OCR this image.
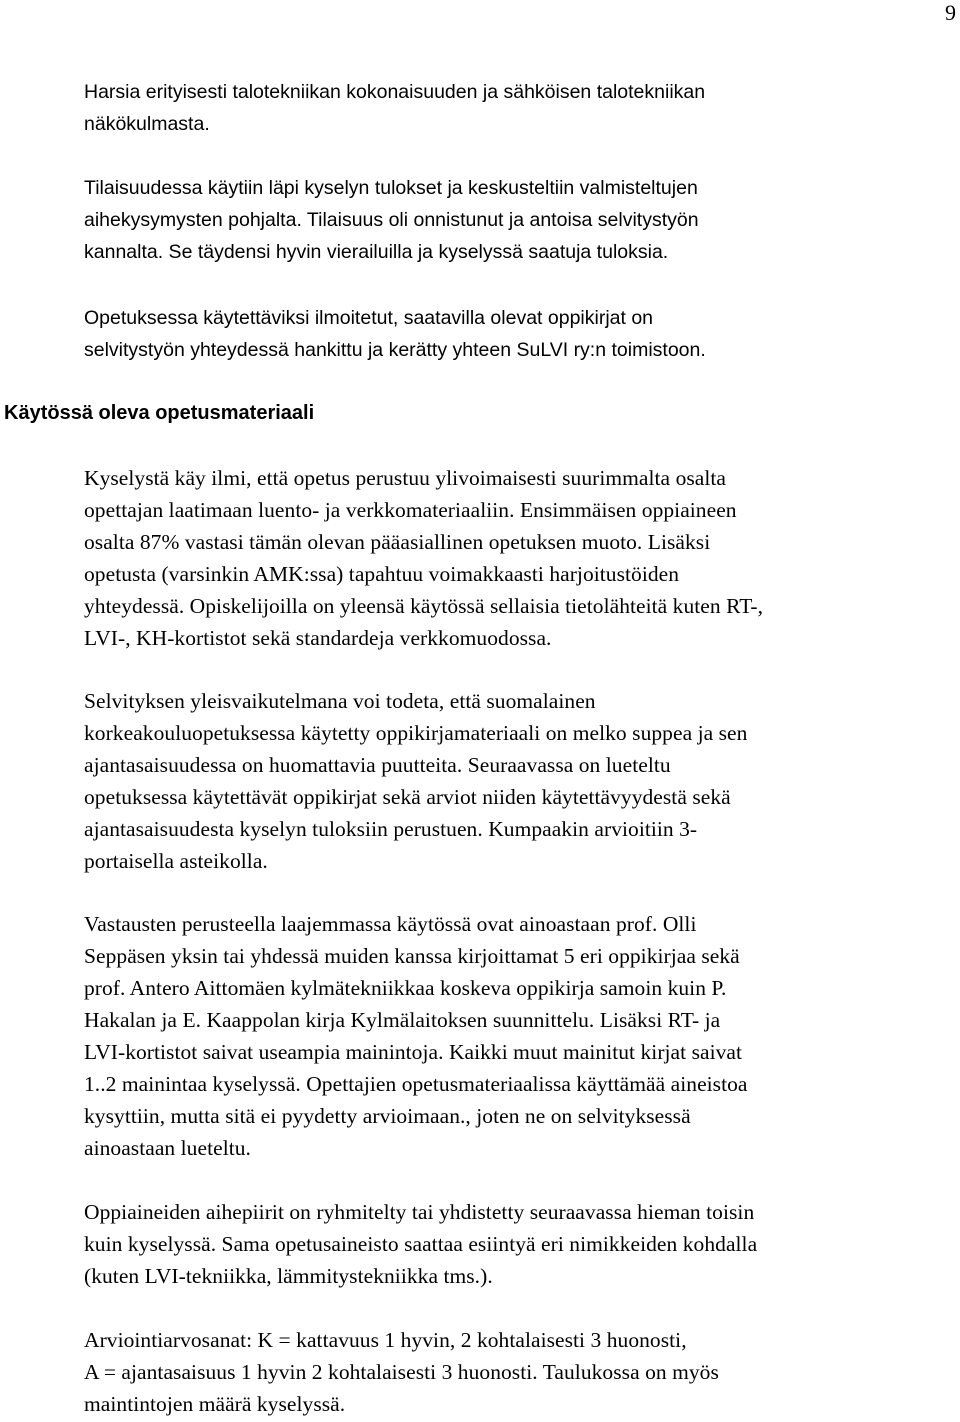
9

Harsia erityisesti talotekniikan kokonaisuuden ja sähköisen talotekniikan
näkökulmasta.

Tilaisuudessa käytiin läpi kyselyn tulokset ja keskusteltiin valmisteltujen
aihekysymysten pohjalta. Tilaisuus oli onnistunut ja antoisa selvitystyön
kannalta. Se täydensi hyvin vierailuilla ja kyselyssä saatuja tuloksia.

Opetuksessa käytettäviksi ilmoitetut, saatavilla olevat oppikirjat on
selvitystyön yhteydessä hankittu ja kerätty yhteen SuLVI ry:n toimistoon.

Käytössä oleva opetusmateriaali

Kyselystä käy ilmi, että opetus perustuu ylivoimaisesti suurimmalta osalta
opettajan laatimaan luento- ja verkkomateriaaliin. Ensimmäisen oppiaineen
osalta 87% vastasi tämän olevan pääasiallinen opetuksen muoto. Lisäksi
opetusta (varsinkin AMK:ssa) tapahtuu voimakkaasti harjoitustöiden
yhteydessä. Opiskelijoilla on yleensä käytössä sellaisia tietolähteitä kuten RT-,
LVI-, KH-kortistot sekä standardeja verkkomuodossa.

Selvityksen yleisvaikutelmana voi todeta, että suomalainen
korkeakouluopetuksessa käytetty oppikirjamateriaali on melko suppea ja sen
ajantasaisuudessa on huomattavia puutteita. Seuraavassa on lueteltu
opetuksessa käytettävät oppikirjat sekä arviot niiden käytettävyydestä sekä
ajantasaisuudesta kyselyn tuloksiin perustuen. Kumpaakin arvioitiin 3-
portaisella asteikolla.

Vastausten perusteella laajemmassa käytössä ovat ainoastaan prof. Olli
Seppäsen yksin tai yhdessä muiden kanssa kirjoittamat 5 eri oppikirjaa sekä
prof. Antero Aittomäen kylmätekniikkaa koskeva oppikirja samoin kuin P.
Hakalan ja E. Kaappolan kirja Kylmälaitoksen suunnittelu. Lisäksi RT- ja
LVI-kortistot saivat useampia mainintoja. Kaikki muut mainitut kirjat saivat
1..2 mainintaa kyselyssä. Opettajien opetusmateriaalissa käyttämää aineistoa
kysyttiin, mutta sitä ei pyydetty arvioimaan., joten ne on selvityksessä
ainoastaan lueteltu.

Oppiaineiden aihepiirit on ryhmitelty tai yhdistetty seuraavassa hieman toisin
kuin kyselyssä. Sama opetusaineisto saattaa esiintyä eri nimikkeiden kohdalla
(kuten LVI-tekniikka, lämmitystekniikka tms.).

Arviointiarvosanat: K = kattavuus 1 hyvin, 2 kohtalaisesti 3 huonosti,
A = ajantasaisuus 1 hyvin 2 kohtalaisesti 3 huonosti. Taulukossa on myös
maintintojen määrä kyselyssä.
